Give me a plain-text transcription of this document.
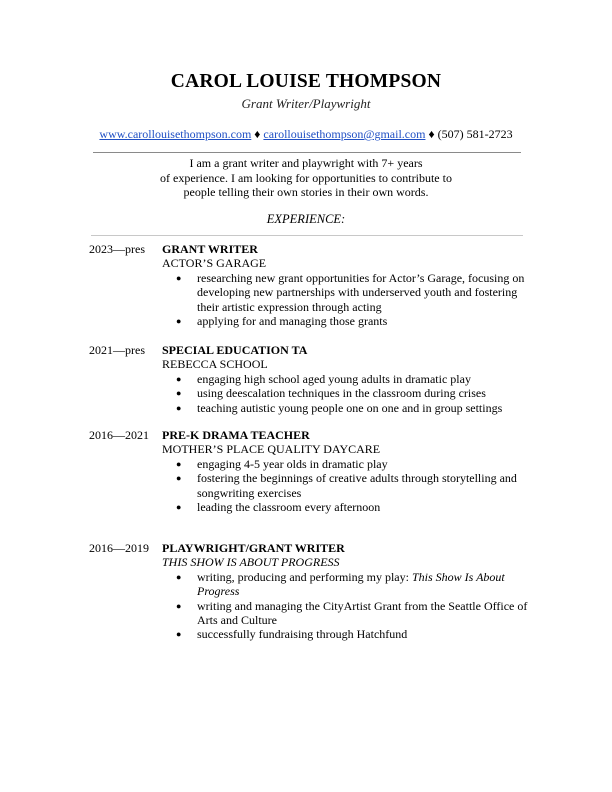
CAROL LOUISE THOMPSON
Grant Writer/Playwright
www.carollouisethompson.com ♦ carollouisethompson@gmail.com ♦ (507) 581-2723
I am a grant writer and playwright with 7+ years
of experience. I am looking for opportunities to contribute to
people telling their own stories in their own words.
EXPERIENCE:
2023—pres GRANT WRITER
ACTOR’S GARAGE
● researching new grant opportunities for Actor’s Garage, focusing on developing new partnerships with underserved youth and fostering their artistic expression through acting
● applying for and managing those grants
2021—pres SPECIAL EDUCATION TA
REBECCA SCHOOL
● engaging high school aged young adults in dramatic play
● using deescalation techniques in the classroom during crises
● teaching autistic young people one on one and in group settings
2016—2021 PRE-K DRAMA TEACHER
MOTHER’S PLACE QUALITY DAYCARE
● engaging 4-5 year olds in dramatic play
● fostering the beginnings of creative adults through storytelling and songwriting exercises
● leading the classroom every afternoon
2016—2019 PLAYWRIGHT/GRANT WRITER
THIS SHOW IS ABOUT PROGRESS
● writing, producing and performing my play: This Show Is About Progress
● writing and managing the CityArtist Grant from the Seattle Office of Arts and Culture
● successfully fundraising through Hatchfund
